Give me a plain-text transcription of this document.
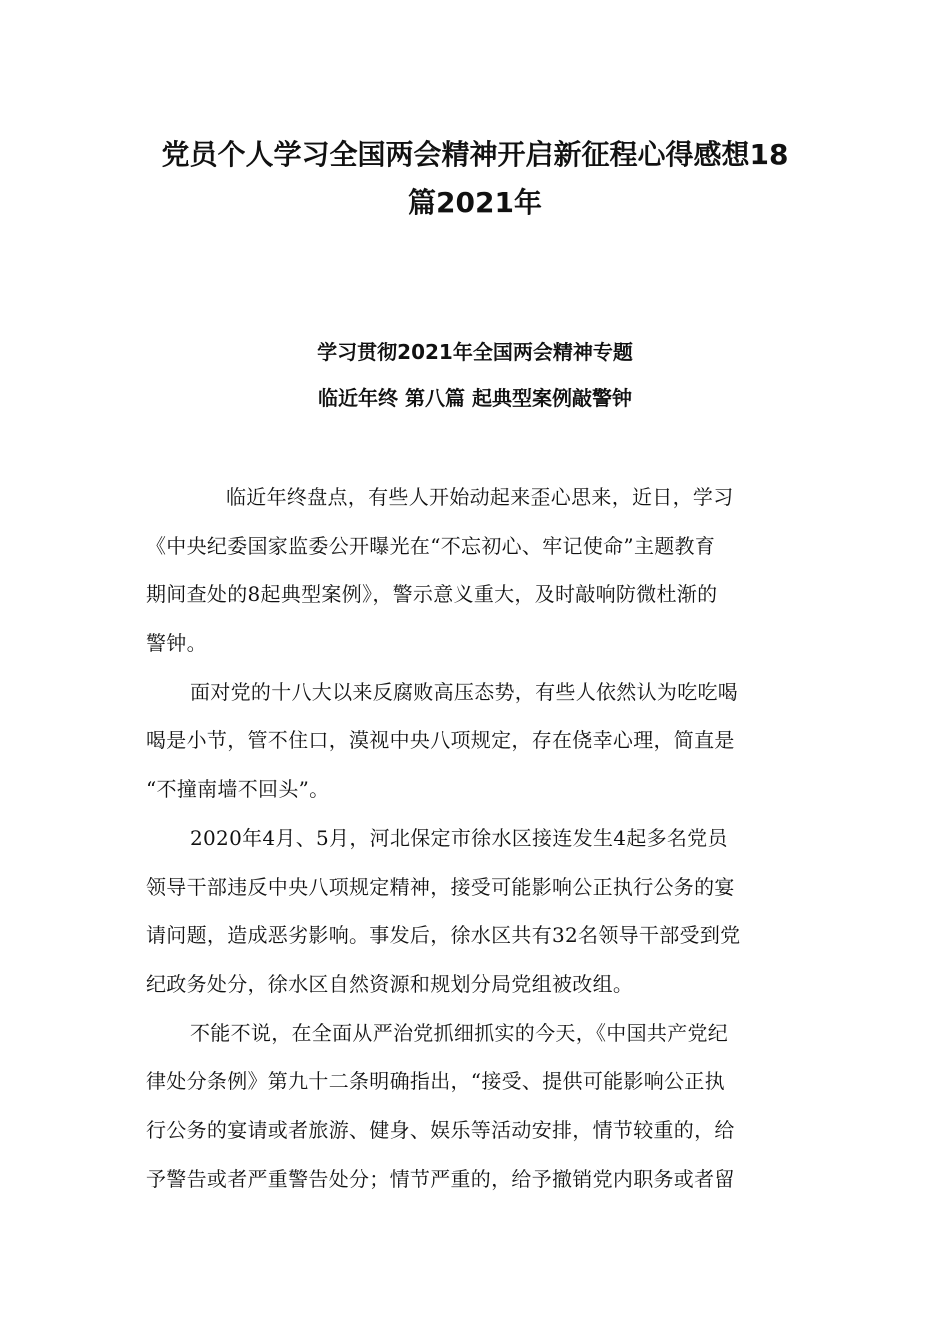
党员个人学习全国两会精神开启新征程心得感想18
篇2021年
学习贯彻2021年全国两会精神专题
临近年终 第八篇 起典型案例敲警钟
临近年终盘点，有些人开始动起来歪心思来，近日，学习
《中央纪委国家监委公开曝光在“不忘初心、牢记使命”主题教育
期间查处的8起典型案例》，警示意义重大，及时敲响防微杜渐的
警钟。
面对党的十八大以来反腐败高压态势，有些人依然认为吃吃喝
喝是小节，管不住口，漠视中央八项规定，存在侥幸心理，简直是
“不撞南墙不回头”。
2020年4月、5月，河北保定市徐水区接连发生4起多名党员
领导干部违反中央八项规定精神，接受可能影响公正执行公务的宴
请问题，造成恶劣影响。事发后，徐水区共有32名领导干部受到党
纪政务处分，徐水区自然资源和规划分局党组被改组。
不能不说，在全面从严治党抓细抓实的今天，《中国共产党纪
律处分条例》第九十二条明确指出，“接受、提供可能影响公正执
行公务的宴请或者旅游、健身、娱乐等活动安排，情节较重的，给
予警告或者严重警告处分；情节严重的，给予撤销党内职务或者留
